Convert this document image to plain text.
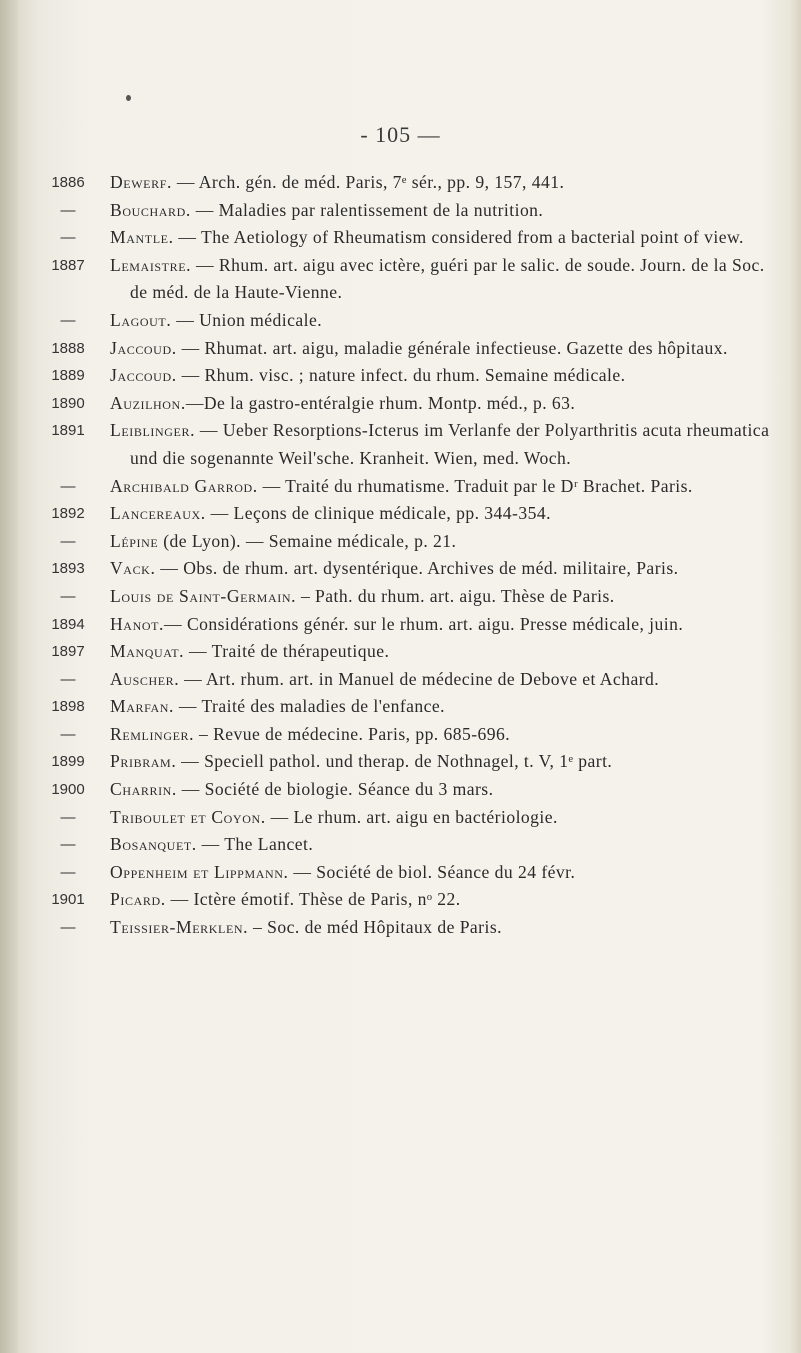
- 105 —
1886	Dewerf. — Arch. gén. de méd. Paris, 7ᵉ sér., pp. 9, 157, 441.
—	Bouchard. — Maladies par ralentissement de la nutrition.
—	Mantle. — The Aetiology of Rheumatism considered from a bacterial point of view.
1887	Lemaistre. — Rhum. art. aigu avec ictère, guéri par le salic. de soude. Journ. de la Soc. de méd. de la Haute-Vienne.
—	Lagout. — Union médicale.
1888	Jaccoud. — Rhumat. art. aigu, maladie générale infectieuse. Gazette des hôpitaux.
1889	Jaccoud. — Rhum. visc. ; nature infect. du rhum. Semaine médicale.
1890	Auzilhon.—De la gastro-entéralgie rhum. Montp. méd., p. 63.
1891	Leiblinger. — Ueber Resorptions-Icterus im Verlanfe der Polyarthritis acuta rheumatica und die sogenannte Weil'sche. Kranheit. Wien, med. Woch.
—	Archibald Garrod. — Traité du rhumatisme. Traduit par le Dʳ Brachet. Paris.
1892	Lancereaux. — Leçons de clinique médicale, pp. 344-354.
—	Lépine (de Lyon). — Semaine médicale, p. 21.
1893	Vack. — Obs. de rhum. art. dysentérique. Archives de méd. militaire, Paris.
—	Louis de Saint-Germain. – Path. du rhum. art. aigu. Thèse de Paris.
1894	Hanot.— Considérations génér. sur le rhum. art. aigu. Presse médicale, juin.
1897	Manquat. — Traité de thérapeutique.
—	Auscher. — Art. rhum. art. in Manuel de médecine de Debove et Achard.
1898	Marfan. — Traité des maladies de l'enfance.
—	Remlinger. – Revue de médecine. Paris, pp. 685-696.
1899	Pribram. — Speciell pathol. und therap. de Nothnagel, t. V, 1ᵉ part.
1900	Charrin. — Société de biologie. Séance du 3 mars.
—	Triboulet et Coyon. — Le rhum. art. aigu en bactériologie.
—	Bosanquet. — The Lancet.
—	Oppenheim et Lippmann. — Société de biol. Séance du 24 févr.
1901	Picard. — Ictère émotif. Thèse de Paris, nᵒ 22.
—	Teissier-Merklen. – Soc. de méd Hôpitaux de Paris.
